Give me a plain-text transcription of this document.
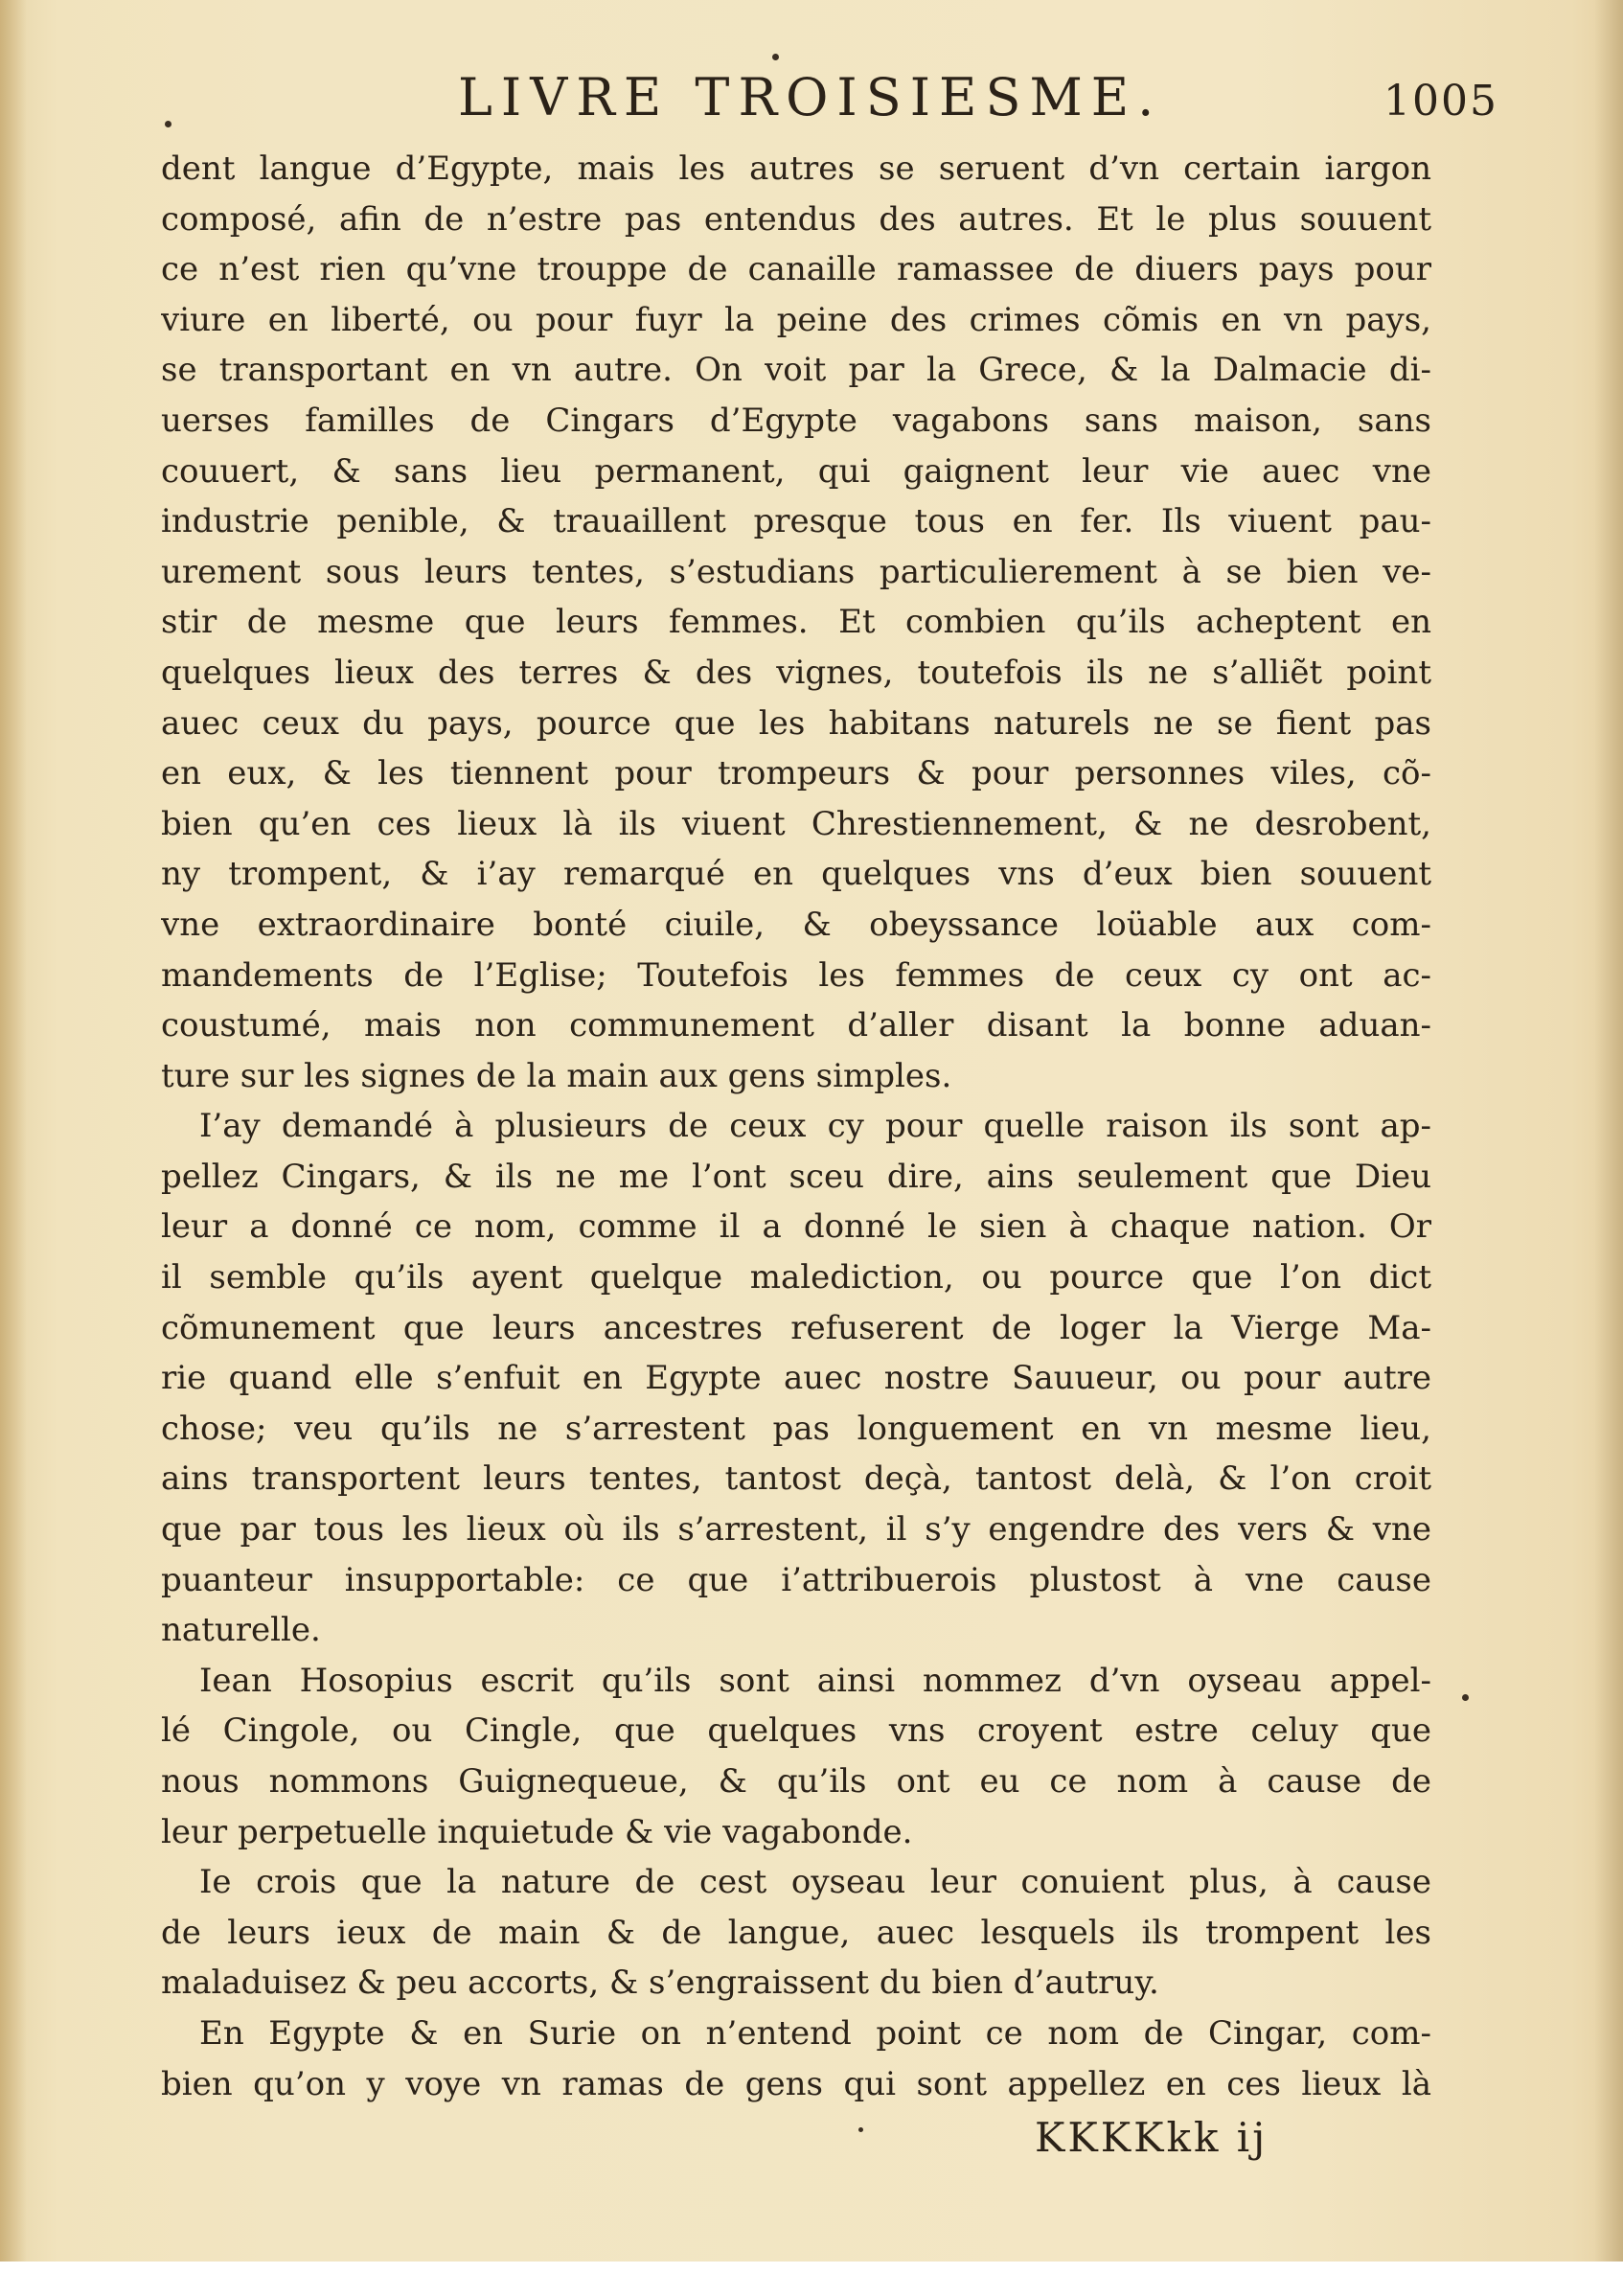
LIVRE TROISIESME.	1005
dent langue d’Egypte, mais les autres se seruent d’vn certain iargon
composé, afin de n’estre pas entendus des autres. Et le plus souuent
ce n’est rien qu’vne trouppe de canaille ramassee de diuers pays pour
viure en liberté, ou pour fuyr la peine des crimes cõmis en vn pays,
se transportant en vn autre. On voit par la Grece, & la Dalmacie di-
uerses familles de Cingars d’Egypte vagabons sans maison, sans
couuert, & sans lieu permanent, qui gaignent leur vie auec vne
industrie penible, & trauaillent presque tous en fer. Ils viuent pau-
urement sous leurs tentes, s’estudians particulierement à se bien ve-
stir de mesme que leurs femmes. Et combien qu’ils acheptent en
quelques lieux des terres & des vignes, toutefois ils ne s’alliẽt point
auec ceux du pays, pource que les habitans naturels ne se fient pas
en eux, & les tiennent pour trompeurs & pour personnes viles, cõ-
bien qu’en ces lieux là ils viuent Chrestiennement, & ne desrobent,
ny trompent, & i’ay remarqué en quelques vns d’eux bien souuent
vne extraordinaire bonté ciuile, & obeyssance loüable aux com-
mandements de l’Eglise; Toutefois les femmes de ceux cy ont ac-
coustumé, mais non communement d’aller disant la bonne aduan-
ture sur les signes de la main aux gens simples.
I’ay demandé à plusieurs de ceux cy pour quelle raison ils sont ap-
pellez Cingars, & ils ne me l’ont sceu dire, ains seulement que Dieu
leur a donné ce nom, comme il a donné le sien à chaque nation. Or
il semble qu’ils ayent quelque malediction, ou pource que l’on dict
cõmunement que leurs ancestres refuserent de loger la Vierge Ma-
rie quand elle s’enfuit en Egypte auec nostre Sauueur, ou pour autre
chose; veu qu’ils ne s’arrestent pas longuement en vn mesme lieu,
ains transportent leurs tentes, tantost deçà, tantost delà, & l’on croit
que par tous les lieux où ils s’arrestent, il s’y engendre des vers & vne
puanteur insupportable: ce que i’attribuerois plustost à vne cause
naturelle.
Iean Hosopius escrit qu’ils sont ainsi nommez d’vn oyseau appel-
lé Cingole, ou Cingle, que quelques vns croyent estre celuy que
nous nommons Guignequeue, & qu’ils ont eu ce nom à cause de
leur perpetuelle inquietude & vie vagabonde.
Ie crois que la nature de cest oyseau leur conuient plus, à cause
de leurs ieux de main & de langue, auec lesquels ils trompent les
maladuisez & peu accorts, & s’engraissent du bien d’autruy.
En Egypte & en Surie on n’entend point ce nom de Cingar, com-
bien qu’on y voye vn ramas de gens qui sont appellez en ces lieux là
KKKKkk ij
